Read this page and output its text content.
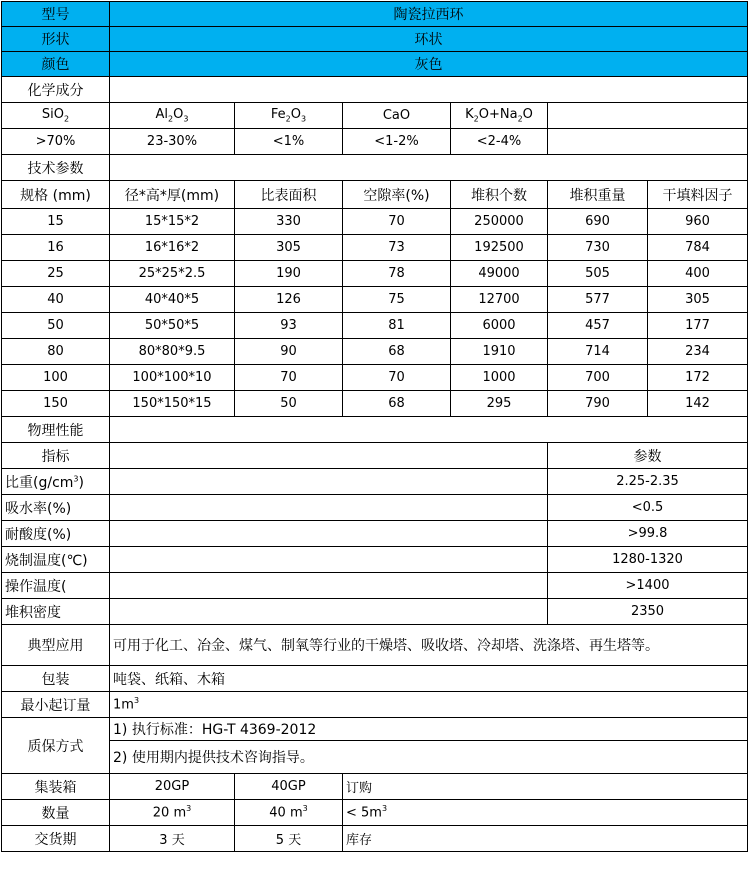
型号	陶瓷拉西环					
形状	环状					
颜色	灰色					
化学成分						
SiO$_2$	$Al_2O_3$	$Fe_2O_3$	CaO	$K_2O+Na_2O$		
>70%	23-30%	<1%	<1-2%	<2-4%		
技术参数						
规格 (mm)	径*高*厚(mm)	比表面积	空隙率(%)	堆积个数	堆积重量	干填料因子
15	15*15*2	330	70	250000	690	960
16	16*16*2	305	73	192500	730	784
25	25*25*2.5	190	78	49000	505	400
40	40*40*5	126	75	12700	577	305
50	50*50*5	93	81	6000	457	177
80	80*80*9.5	90	68	1910	714	234
100	100*100*10	70	70	1000	700	172
150	150*150*15	50	68	295	790	142
物理性能						
指标					参数	
比重$(g/cm^3)$					2.25-2.35	
吸水率(%)					<0.5	
耐酸度(%)					>99.8	
烧制温度(℃)					1280-1320	
操作温度(					>1400	
堆积密度					2350	
典型应用	可用于化工、冶金、煤气、制氧等行业的干燥塔、吸收塔、冷却塔、洗涤塔、再生塔等。					
包装	吨袋、纸箱、木箱					
最小起订量	$1m^3$
质保方式	1) 执行标准：HG-T 4369-2012					
	2) 使用期内提供技术咨询指导。					
集装箱	20GP	40GP	订购			
数量	20 $m^3$	40 $m^3$	< $5m^3$
交货期	3 天	5 天	库存			
